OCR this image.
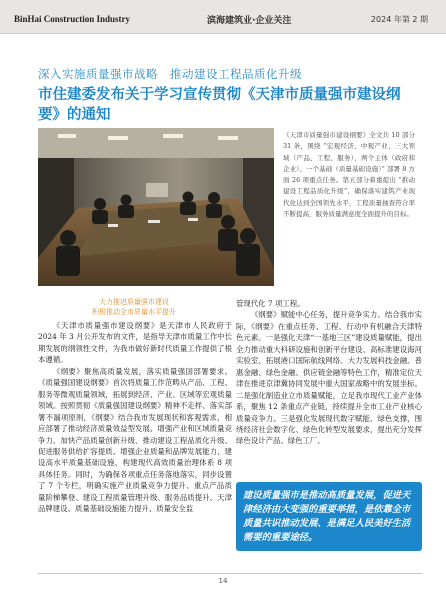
BinHai Construction Industry	滨海建筑业·企业关注	2024 年第 2 期
深入实施质量强市战略　推动建设工程品质化升级
市住建委发布关于学习宣传贯彻《天津市质量强市建设纲要》的通知
《天津市质量强市建设纲要》全文共 10 部分 31 条，围绕 “宏观经济、中观产业、三大领域（产品、工程、服务）、两个主体（政府和企业）、一个基础（质量基础设施）” 部署 8 方面 26 项重点任务。第五部分着重提出 “推动建设工程品质化升级”，确保落实建筑产业现代化达到全国领先水平，工程质量抽查符合率不断提高，服务质量满意度全面提升的目标。
大力推进质量强市建设
积极推动全市质量水平提升

《天津市质量强市建设纲要》是天津市人民政府于 2024 年 3 月公开发布的文件，是指导天津市质量工作中长期发展的纲领性文件，为我市做好新时代质量工作提供了根本遵循。

《纲要》聚焦高质量发展，落实质量强国部署要求。《质量强国建设纲要》首次将质量工作范畴从产品、工程、服务等微观质量领域，拓展到经济、产业、区域等宏观质量领域。按照贯彻《质量强国建设纲要》精神不走样、落实部署不漏项原则，《纲要》结合我市发展现状和客观需求，相应部署了推动经济质量效益型发展、增强产业和区域质量竞争力、加快产品质量创新升级、推动建设工程品质化升级、促进服务供给扩容提质、增强企业质量和品牌发展能力、建设高水平质量基础设施、构建现代高效质量治理体系 8 项具体任务。同时，为确保各项重点任务落地落实，同步设置了 7 个专栏，明确实施产业质量竞争力提升、重点产品质量阶梯攀登、建设工程质量管理升级、服务品质提升、天津品牌建设、质量基础设施能力提升、质量安全监

管现代化 7 项工程。

《纲要》赋能中心任务，提升竞争实力。结合我市实际，《纲要》在重点任务、工程、行动中有机融合天津特色元素。一是强化天津“一基地三区”建设质量赋能，提出全力推动重大科研设施和创新平台建设、高标准建设海河实验室、拓展港口国际航线网络、大力发展科技金融、普惠金融、绿色金融、供应链金融等特色工作，精准定位天津在推进京津冀协同发展中重大国家战略中的发展坐标。二是强化制造业立市质量赋能，立足我市现代工业产业体系，聚焦 12 条重点产业链，持续提升全市工业产业核心质量竞争力。三是强化发展现代数字赋能、绿色支撑，围绕经济社会数字化、绿色化转型发展要求，提出充分发挥绿色设计产品、绿色工厂、

建设质量强市是推动高质量发展，促进天津经济由大变强的重要举措，是依靠全市质量共识推动发展、是满足人民美好生活需要的重要途径。
14
